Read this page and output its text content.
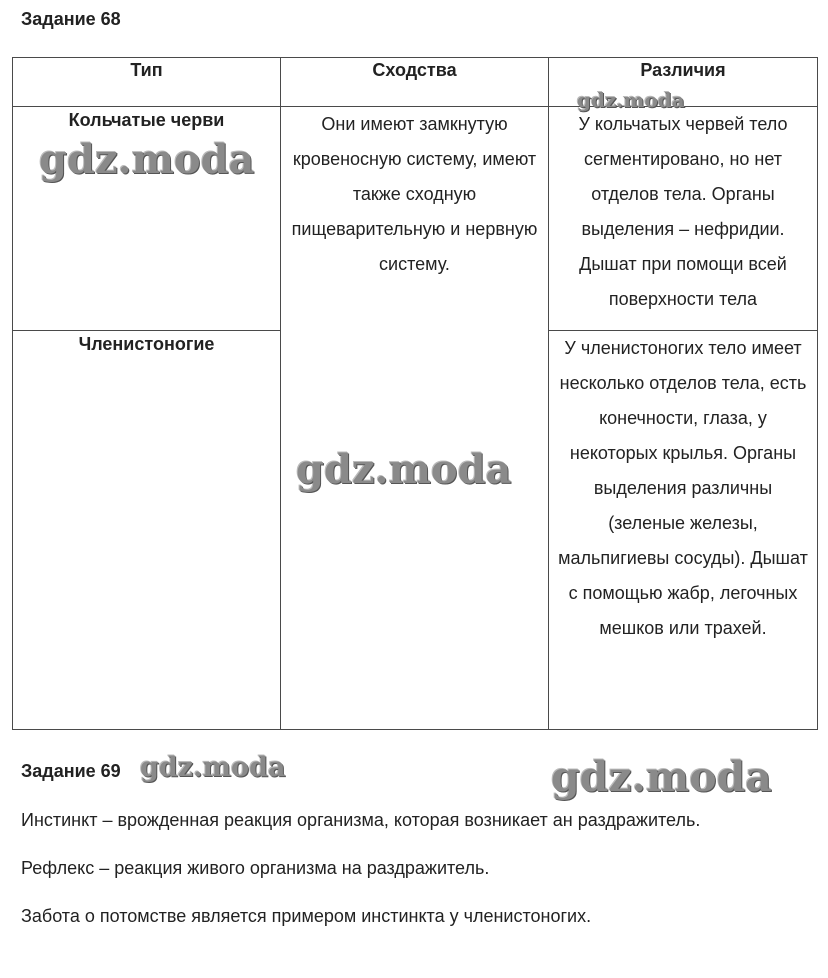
Задание 68
Тип	Сходства	Различия

Кольчатые черви	Они имеют замкнутую кровеносную систему, имеют также сходную пищеварительную и нервную систему.	У кольчатых червей тело сегментировано, но нет отделов тела. Органы выделения – нефридии. Дышат при помощи всей поверхности тела

Членистоногие		У членистоногих тело имеет несколько отделов тела, есть конечности, глаза, у некоторых крылья. Органы выделения различны (зеленые железы, мальпигиевы сосуды). Дышат с помощью жабр, легочных мешков или трахей.
Задание 69
Инстинкт – врожденная реакция организма, которая возникает ан раздражитель.
Рефлекс – реакция живого организма на раздражитель.
Забота о потомстве является примером инстинкта у членистоногих.
gdz.moda
gdz.moda
gdz.moda
gdz.moda	gdz.moda
